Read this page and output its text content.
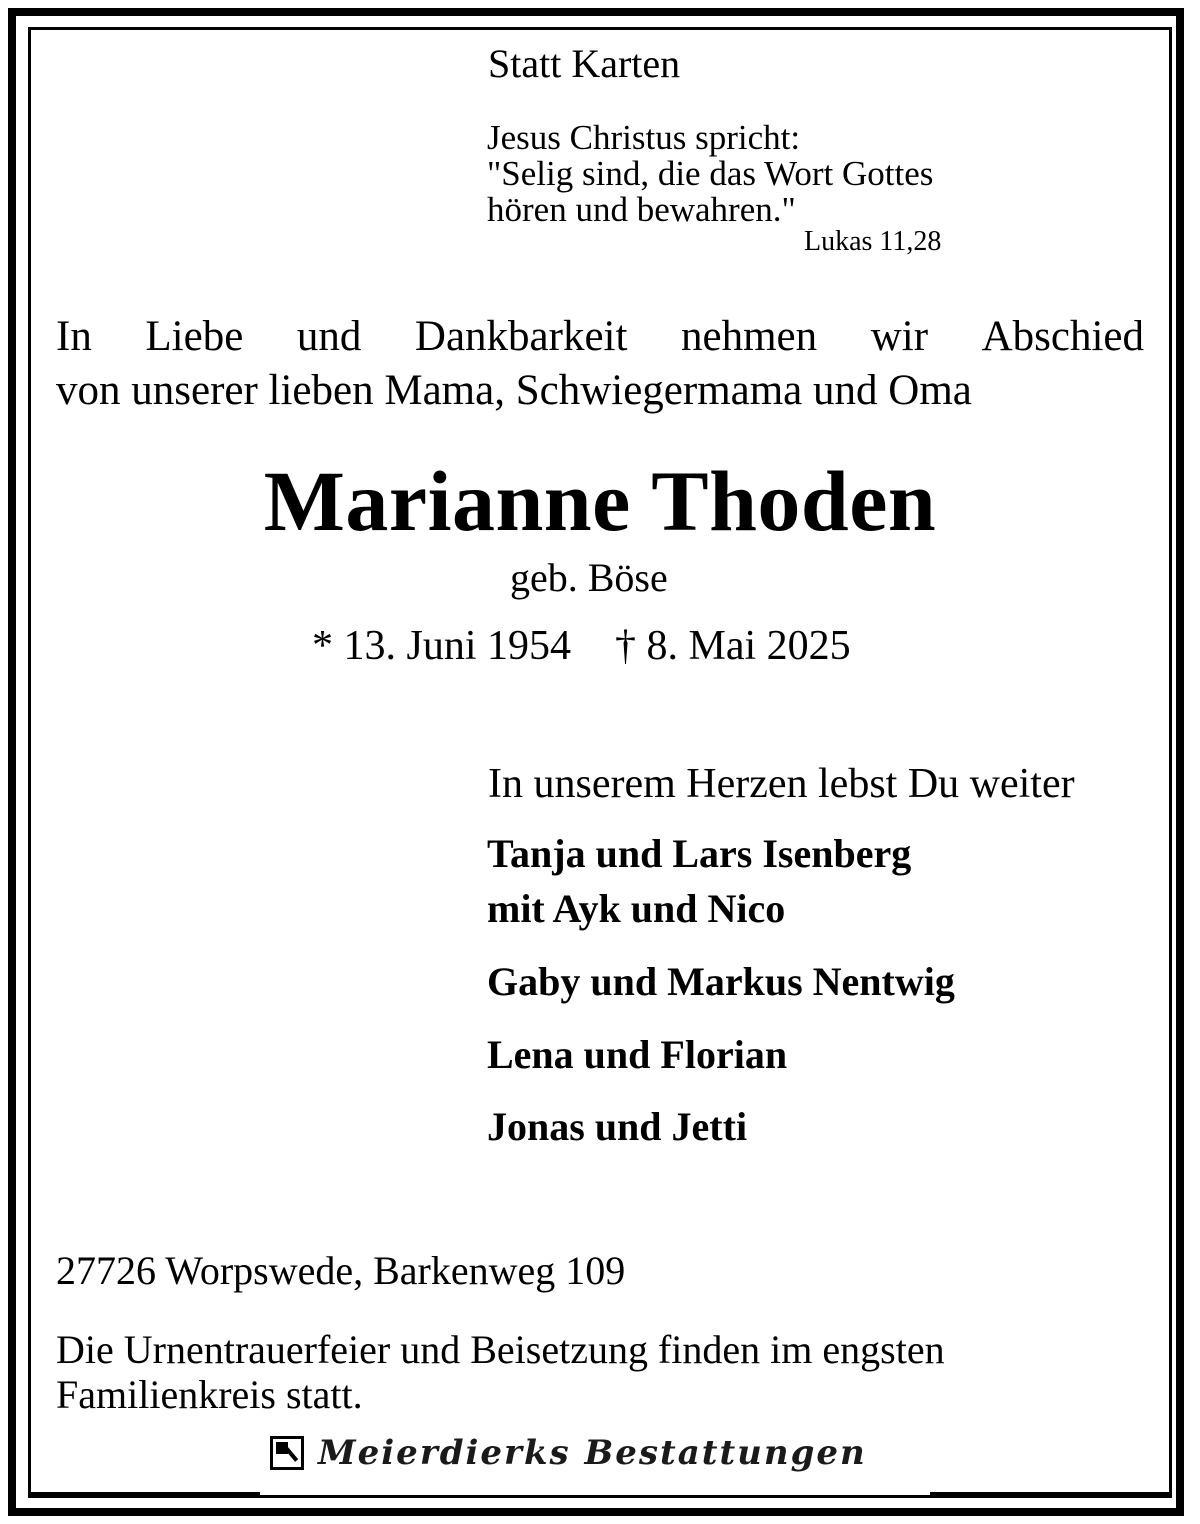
Statt Karten
Jesus Christus spricht:
"Selig sind, die das Wort Gottes
hören und bewahren."
Lukas 11,28
In Liebe und Dankbarkeit nehmen wir Abschied
von unserer lieben Mama, Schwiegermama und Oma
Marianne Thoden
geb. Böse
* 13. Juni 1954 † 8. Mai 2025
In unserem Herzen lebst Du weiter
Tanja und Lars Isenberg
mit Ayk und Nico
Gaby und Markus Nentwig
Lena und Florian
Jonas und Jetti
27726 Worpswede, Barkenweg 109
Die Urnentrauerfeier und Beisetzung finden im engsten
Familienkreis statt.
Meierdierks Bestattungen
